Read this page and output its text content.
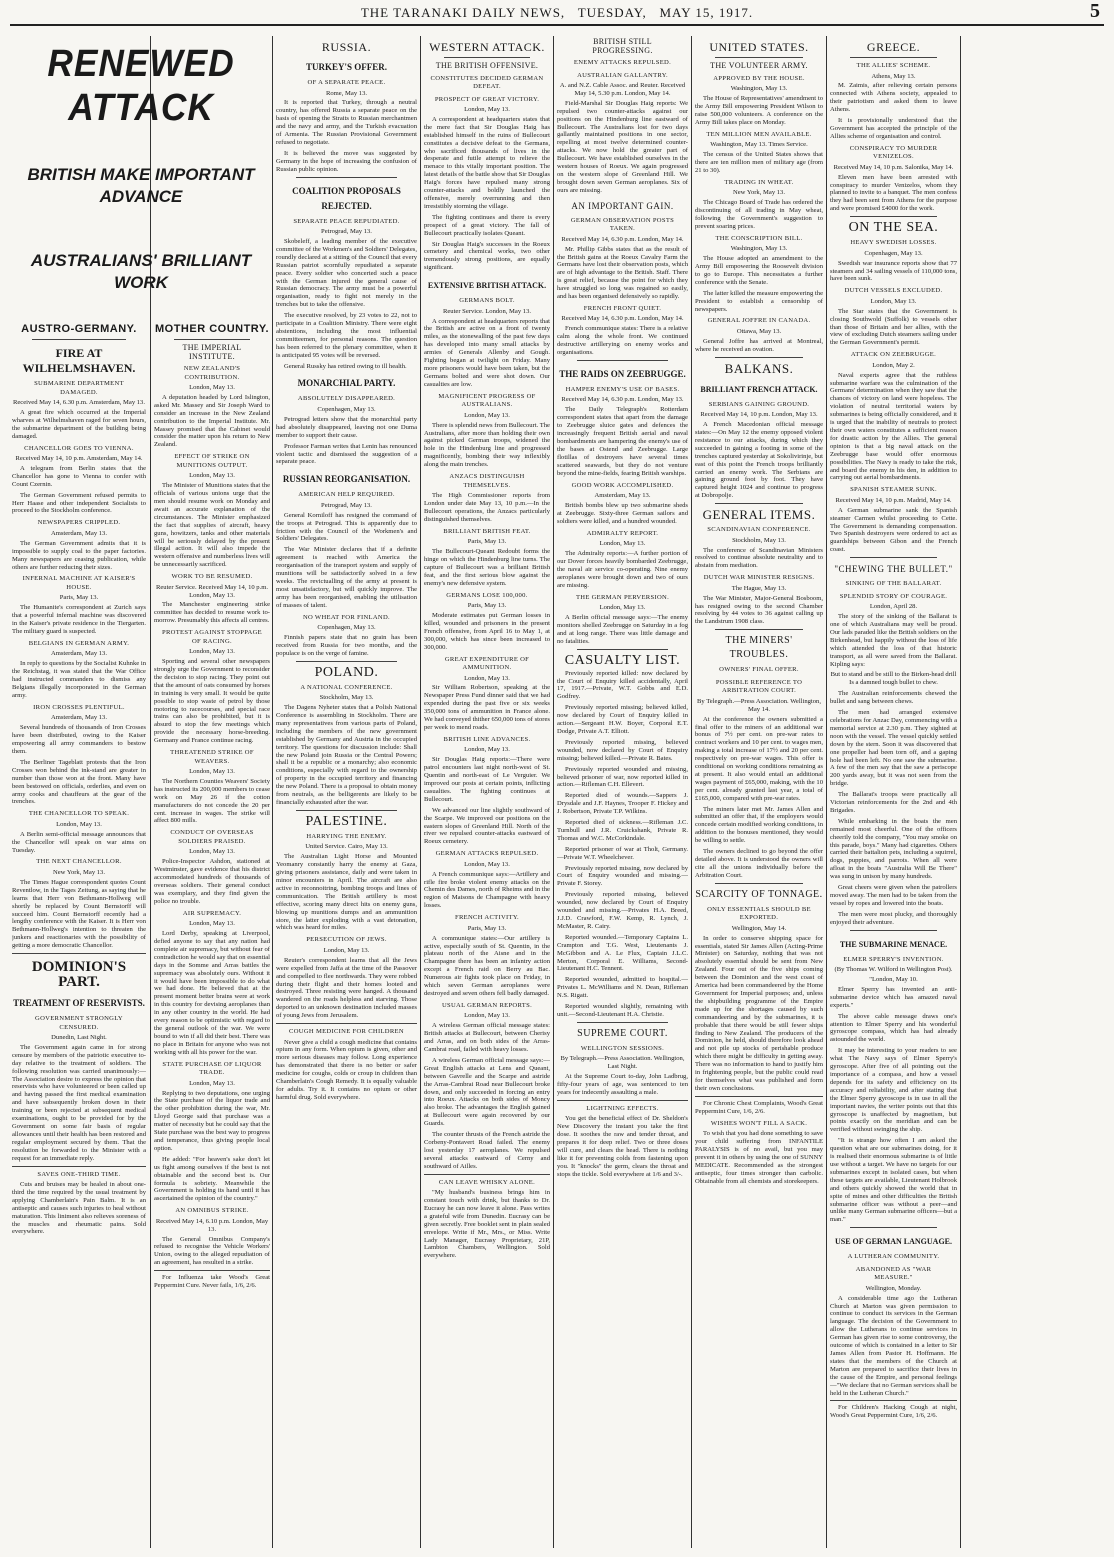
THE TARANAKI DAILY NEWS, TUESDAY, MAY 15, 1917.	5
RENEWED ATTACK
BRITISH MAKE IMPORTANT ADVANCE
AUSTRALIANS' BRILLIANT WORK
AUSTRO-GERMANY.
FIRE AT WILHELMSHAVEN.
SUBMARINE DEPARTMENT DAMAGED.
Received May 14, 6.30 p.m. Amsterdam, May 13.

A great fire which occurred at the Imperial wharves at Wilhelmshaven raged for seven hours, the submarine department of the building being damaged.

CHANCELLOR GOES TO VIENNA.
Received May 14, 10 p.m. Amsterdam, May 14.

A telegram from Berlin states that the Chancellor has gone to Vienna to confer with Count Czernin.

The German Government refused permits to Herr Haase and other independent Socialists to proceed to the Stockholm conference.

NEWSPAPERS CRIPPLED.
Amsterdam, May 13.

The German Government admits that it is impossible to supply coal to the paper factories. Many newspapers are ceasing publication, while others are further reducing their sizes.

INFERNAL MACHINE AT KAISER'S HOUSE.
Paris, May 13.

The Humanite's correspondent at Zurich says that a powerful infernal machine was discovered in the Kaiser's private residence in the Tiergarten. The military guard is suspected.

BELGIANS IN GERMAN ARMY.
Amsterdam, May 13.

In reply to questions by the Socialist Kuhnke in the Reichstag, it was stated that the War Office had instructed commanders to dismiss any Belgians illegally incorporated in the German army.

IRON CROSSES PLENTIFUL.
Amsterdam, May 13.

Several hundreds of thousands of Iron Crosses have been distributed, owing to the Kaiser empowering all army commanders to bestow them.

The Berliner Tageblatt protests that the Iron Crosses won behind the ink-stand are greater in number than those won at the front. Many have been bestowed on officials, orderlies, and even on army cooks and chauffeurs at the gear of the trenches.

THE CHANCELLOR TO SPEAK.
London, May 13.

A Berlin semi-official message announces that the Chancellor will speak on war aims on Tuesday.

THE NEXT CHANCELLOR.
New York, May 13.

The Times Hague correspondent quotes Count Reventlow, in the Tages Zeitung, as saying that he learns that Herr von Bethmann-Hollweg will shortly be replaced by Count Bernstorff will succeed him. Count Bernstorff recently had a lengthy conference with the Kaiser. It is Herr von Bethmann-Hollweg's intention to threaten the junkers and reactionaries with the possibility of getting a more democratic Chancellor.

DOMINION'S PART.
TREATMENT OF RESERVISTS.
GOVERNMENT STRONGLY CENSURED.
Dunedin, Last Night.

The Government again came in for strong censure by members of the patriotic executive to-day relative to the treatment of soldiers. The following resolution was carried unanimously:—The Association desire to express the opinion that reservists who have volunteered or been called up and having passed the first medical examination and have subsequently broken down in their training or been rejected at subsequent medical examinations, ought to be provided for by the Government on some fair basis of regular allowances until their health has been restored and regular employment secured by them. That the resolution be forwarded to the Minister with a request for an immediate reply.

SAVES ONE-THIRD TIME.

Cuts and bruises may be healed in about one-third the time required by the usual treatment by applying Chamberlain's Pain Balm. It is an antiseptic and causes such injuries to heal without maturation. This liniment also relieves soreness of the muscles and rheumatic pains. Sold everywhere.

MOTHER COUNTRY.
THE IMPERIAL INSTITUTE.
NEW ZEALAND'S CONTRIBUTION.
London, May 13.

A deputation headed by Lord Islington, asked Mr. Massey and Sir Joseph Ward to consider an increase in the New Zealand contribution to the Imperial Institute. Mr. Massey promised that the Cabinet would consider the matter upon his return to New Zealand.

EFFECT OF STRIKE ON MUNITIONS OUTPUT.
London, May 13.

The Minister of Munitions states that the officials of various unions urge that the men should resume work on Monday and await an accurate explanation of the circumstances. The Minister emphasized the fact that supplies of aircraft, heavy guns, howitzers, tanks and other materials will be seriously delayed by the present illegal action. It will also impede the western offensive and numberless lives will be unnecessarily sacrificed.

WORK TO BE RESUMED.
Reuter Service. Received May 14, 10 p.m. London, May 13.

The Manchester engineering strike committee has decided to resume work to-morrow. Presumably this affects all centres.

PROTEST AGAINST STOPPAGE OF RACING.
London, May 13.

Sporting and several other newspapers strongly urge the Government to reconsider the decision to stop racing. They point out that the amount of oats consumed by horses in training is very small. It would be quite possible to stop waste of petrol by those motoring to racecourses, and special race trains can also be prohibited, but it is absurd to stop the few meetings which provide the necessary horse-breeding. Germany and France continue racing.

THREATENED STRIKE OF WEAVERS.
London, May 13.

The Northern Counties Weavers' Society has instructed its 200,000 members to cease work on May 26 if the cotton manufacturers do not concede the 20 per cent. increase in wages. The strike will affect 800 mills.

CONDUCT OF OVERSEAS SOLDIERS PRAISED.
London, May 13.

Police-Inspector Ashdon, stationed at Westminster, gave evidence that his district accommodated hundreds of thousands of overseas soldiers. Their general conduct was exemplary, and they find given the police no trouble.

AIR SUPREMACY.
London, May 13.

Lord Derby, speaking at Liverpool, defied anyone to say that any nation had complete air supremacy, but without fear of contradiction he would say that on essential days in the Somme and Arras battles the supremacy was absolutely ours. Without it it would have been impossible to do what we had done. He believed that at the present moment better brains were at work in this country for devising aeroplanes than in any other country in the world. He had every reason to be optimistic with regard to the general outlook of the war. We were bound to win if all did their best. There was no place in Britain for anyone who was not working with all his power for the war.

STATE PURCHASE OF LIQUOR TRADE.
London, May 13.

Replying to two deputations, one urging the State purchase of the liquor trade and the other prohibition during the war, Mr. Lloyd George said that purchase was a matter of necessity but he could say that the State purchase was the best way to progress and temperance, thus giving people local option.

He added: "For heaven's sake don't let us fight among ourselves if the best is not obtainable and the second best is. Our formula is sobriety. Meanwhile the Government is holding its hand until it has ascertained the opinion of the country."

AN OMNIBUS STRIKE.
Received May 14, 6.10 p.m. London, May 13.

The General Omnibus Company's refused to recognise the Vehicle Workers' Union, owing to the alleged repudiation of an agreement, has resulted in a strike.

For Influenza take Wood's Great Peppermint Cure. Never fails, 1/6, 2/6.

RUSSIA.
TURKEY'S OFFER.
OF A SEPARATE PEACE.
Rome, May 13.

It is reported that Turkey, through a neutral country, has offered Russia a separate peace on the basis of opening the Straits to Russian merchantmen and the navy and army, and the Turkish evacuation of Armenia. The Russian Provisional Government refused to negotiate.

It is believed the move was suggested by Germany in the hope of increasing the confusion of Russian public opinion.

COALITION PROPOSALS REJECTED.
SEPARATE PEACE REPUDIATED.
Petrograd, May 13.

Skobeleff, a leading member of the executive committee of the Workmen's and Soldiers' Delegates, roundly declared at a sitting of the Council that every Russian patriot scornfully repudiated a separate peace. Every soldier who concerted such a peace with the German injured the general cause of Russian democracy. The army must be a powerful organisation, ready to fight not merely in the trenches but to take the offensive.

The executive resolved, by 23 votes to 22, not to participate in a Coalition Ministry. There were eight abstentions, including the most influential committeemen, for personal reasons. The question has been referred to the plenary committee, when it is anticipated 95 votes will be reversed.

General Russky has retired owing to ill health.

MONARCHIAL PARTY.
ABSOLUTELY DISAPPEARED.
Copenhagen, May 13.

Petrograd letters show that the monarchial party had absolutely disappeared, leaving not one Duma member to support their cause.

Professor Farman writes that Lenin has renounced violent tactic and dismissed the suggestion of a separate peace.

RUSSIAN REORGANISATION.
AMERICAN HELP REQUIRED.
Petrograd, May 13.

General Korniloff has resigned the command of the troops at Petrograd. This is apparently due to friction with the Council of the Workmen's and Soldiers' Delegates.

The War Minister declares that if a definite agreement is reached with America the reorganisation of the transport system and supply of munitions will be satisfactorily solved in a few weeks. The revictualling of the army at present is most unsatisfactory, but will quickly improve. The army has been reorganised, enabling the utilisation of masses of talent.

NO WHEAT FOR FINLAND.
Copenhagen, May 13.

Finnish papers state that no grain has been received from Russia for two months, and the populace is on the verge of famine.

POLAND.
A NATIONAL CONFERENCE.
Stockholm, May 13.

The Dagens Nyheter states that a Polish National Conference is assembling in Stockholm. There are many representatives from various parts of Poland, including the members of the new government established by Germany and Austria in the occupied territory. The questions for discussion include: Shall the new Poland join Russia or the Central Powers; shall it be a republic or a monarchy; also economic conditions, especially with regard to the ownership of property in the occupied territory and financing the new Poland. There is a proposal to obtain money from neutrals, as the belligerents are likely to be financially exhausted after the war.

PALESTINE.
HARRYING THE ENEMY.
United Service. Cairo, May 13.

The Australian Light Horse and Mounted Yeomanry constantly harry the enemy at Gaza, giving prisoners assistance, daily and were taken in minor encounters in April. The aircraft are also active in reconnoitring, bombing troops and lines of communication. The British artillery is most effective, scoring many direct hits on enemy guns, blowing up munitions dumps and an ammunition store, the latter exploding with a vast detonation, which was heard for miles.

PERSECUTION OF JEWS.
London, May 13.

Reuter's correspondent learns that all the Jews were expelled from Jaffa at the time of the Passover and compelled to flee northwards. They were robbed during their flight and their homes looted and destroyed. Three resisting were hanged. A thousand wandered on the roads helpless and starving. Those deported to an unknown destination included masses of young Jews from Jerusalem.

COUGH MEDICINE FOR CHILDREN

Never give a child a cough medicine that contains opium in any form. When opium is given, other and more serious diseases may follow. Long experience has demonstrated that there is no better or safer medicine for coughs, colds or croup in children than Chamberlain's Cough Remedy. It is equally valuable for adults. Try it. It contains no opium or other harmful drug. Sold everywhere.

WESTERN ATTACK.
THE BRITISH OFFENSIVE.
CONSTITUTES DECIDED GERMAN DEFEAT.
PROSPECT OF GREAT VICTORY.
London, May 13.

A correspondent at headquarters states that the mere fact that Sir Douglas Haig has established himself in the ruins of Bullecourt constitutes a decisive defeat to the Germans, who sacrificed thousands of lives in the desperate and futile attempt to relieve the menace to this vitally important position. The latest details of the battle show that Sir Douglas Haig's forces have repulsed many strong counter-attacks and boldly launched the offensive, merely overrunning and then irresistibly storming the village.

The fighting continues and there is every prospect of a great victory. The fall of Bullecourt practically isolates Queant.

Sir Douglas Haig's successes in the Roeux cemetery and chemical works, two other tremendously strong positions, are equally significant.

EXTENSIVE BRITISH ATTACK.
GERMANS BOLT.
Reuter Service. London, May 13.

A correspondent at headquarters reports that the British are active on a front of twenty miles, as the stonewalling of the past few days has developed into many small attacks by armies of Generals Allenby and Gough. Fighting began at twilight on Friday. Many more prisoners would have been taken, but the Germans bolted and were shot down. Our casualties are low.

MAGNIFICENT PROGRESS OF AUSTRALIANS.
London, May 13.

There is splendid news from Bullecourt. The Australians, after more than holding their own against picked German troops, widened the hole in the Hindenburg line and progressed magnificently, bombing their way inflexibly along the main trenches.

ANZACS DISTINGUISH THEMSELVES.

The High Commissioner reports from London under date May 13, 10 p.m.—In the Bullecourt operations, the Anzacs particularly distinguished themselves.

BRILLIANT BRITISH FEAT.
Paris, May 13.

The Bullecourt-Queant Redoubt forms the hinge on which the Hindenburg line turns. The capture of Bullecourt was a brilliant British feat, and the first serious blow against the enemy's new defensive system.

GERMANS LOSE 100,000.
Paris, May 13.

Moderate estimates put German losses in killed, wounded and prisoners in the present French offensive, from April 16 to May 1, at 300,000, which has since been increased to 300,000.

GREAT EXPENDITURE OF AMMUNITION.
London, May 13.

Sir William Robertson, speaking at the Newspaper Press Fund dinner said that we had expended during the past five or six weeks 350,000 tons of ammunition in France alone. We had conveyed thither 650,000 tons of stores per week to mend roads.

BRITISH LINE ADVANCES.
London, May 13.

Sir Douglas Haig reports:—There were patrol encounters last night north-west of St. Quentin and north-east of Le Verguier. We improved our posts at certain points, inflicting casualties. The fighting continues at Bullecourt.

We advanced our line slightly southward of the Scarpe. We improved our positions on the eastern slopes of Greenland Hill. North of the river we repulsed counter-attacks eastward of Roeux cemetery.

GERMAN ATTACKS REPULSED.
London, May 13.

A French communique says:—Artillery and rifle fire broke violent enemy attacks on the Chemin des Dames, north of Rheims and in the region of Maisons de Champagne with heavy losses.

FRENCH ACTIVITY.
Paris, May 13.

A communique states:—Our artillery is active, especially south of St. Quentin, in the plateau north of the Aisne and in the Champagne there has been an infantry action except a French raid on Berry au Bac. Numerous air fights took place on Friday, in which seven German aeroplanes were destroyed and seven others fell badly damaged.

USUAL GERMAN REPORTS.
London, May 13.

A wireless German official message states: British attacks at Bullecourt, between Cherisy and Arras, and on both sides of the Arras-Cambrai road, failed with heavy losses.

A wireless German official message says:—Great English attacks at Lens and Queant, between Gavrelle and the Scarpe and astride the Arras-Cambrai Road near Bullecourt broke down, and only succeeded in forcing an entry into Roeux. Attacks on both sides of Moncy also broke. The advantages the English gained at Bullecourt were again recovered by our Guards.

The counter thrusts of the French astride the Corbeny-Pontavert Road failed. The enemy lost yesterday 17 aeroplanes. We repulsed several attacks eastward of Cerny and southward of Ailles.

CAN LEAVE WHISKY ALONE.

"My husband's business brings him in constant touch with drink, but thanks to Dr. Eucrasy he can now leave it alone. Pass writes a grateful wife from Dunedin. Eucrasy can be given secretly. Free booklet sent in plain sealed envelope. Write if Mr., Mrs., or Miss. Write Lady Manager, Eucrasy Proprietary, 21P, Lambton Chambers, Wellington. Sold everywhere.

BRITISH STILL PROGRESSING.
ENEMY ATTACKS REPULSED.
AUSTRALIAN GALLANTRY.
A. and N.Z. Cable Assoc. and Reuter. Received May 14, 5.30 p.m. London, May 14.

Field-Marshal Sir Douglas Haig reports: We repulsed two counter-attacks against our positions on the Hindenburg line eastward of Bullecourt. The Australians lost for two days gallantly maintained positions in one sector, repelling at most twelve determined counter-attacks. We now hold the greater part of Bullecourt. We have established ourselves in the western houses of Roeux. We again progressed on the western slope of Greenland Hill. We brought down seven German aeroplanes. Six of ours are missing.

AN IMPORTANT GAIN.
GERMAN OBSERVATION POSTS TAKEN.
Received May 14, 6.30 p.m. London, May 14.

Mr. Phillip Gibbs states that as the result of the British gains at the Roeux Cavalry Farm the Germans have lost their observation posts, which are of high advantage to the British. Staff. There is great relief, because the point for which they have struggled so long was regained so easily, and has been organised defensively so rapidly.

FRENCH FRONT QUIET.
Received May 14, 6.30 p.m. London, May 14.

French communique states: There is a relative calm along the whole front. We continued destructive artillerying on enemy works and organisations.

THE RAIDS ON ZEEBRUGGE.
HAMPER ENEMY'S USE OF BASES.
Received May 14, 6.30 p.m. London, May 13.

The Daily Telegraph's Rotterdam correspondent states that apart from the damage to Zeebrugge sluice gates and defences the increasingly frequent British aerial and naval bombardments are hampering the enemy's use of the bases at Ostend and Zeebrugge. Large flotillas of destroyers have several times scattered seawards, but they do not venture beyond the mine-fields, fearing British warships.

GOOD WORK ACCOMPLISHED.
Amsterdam, May 13.

British bombs blew up two submarine sheds at Zeebrugge. Sixty-three German sailors and soldiers were killed, and a hundred wounded.

ADMIRALTY REPORT.
London, May 13.

The Admiralty reports:—A further portion of our Dover forces heavily bombarded Zeebrugge, the naval air service co-operating. Nine enemy aeroplanes were brought down and two of ours are missing.

THE GERMAN PERVERSION.
London, May 13.

A Berlin official message says:—The enemy monitors shelled Zeebrugge on Saturday in a fog and at long range. There was little damage and no fatalities.

CASUALTY LIST.

Previously reported killed: now declared by the Court of Enquiry killed accidentally, April 17, 1917.—Private, W.T. Gobbs and E.D. Godfrey.

Previously reported missing; believed killed, now declared by Court of Enquiry killed in action.—Sergeant H.W. Boyer, Corporal E.T. Dodge, Private A.T. Elliott.

Previously reported missing, believed wounded, now declared by Court of Enquiry missing; believed killed.—Private R. Bates.

Previously reported wounded and missing, believed prisoner of war, now reported killed in action.—Rifleman C.H. Ellevert.

Reported died of wounds.—Sappers J. Drysdale and J.F. Haynes, Trooper F. Hickey and J. Robertson, Private T.P. Wilkins.

Reported died of sickness.—Rifleman J.C. Turnbull and J.R. Cruickshank, Private R. Thomas and W.C. McCorkindale.

Reported prisoner of war at Tholt, Germany.—Private W.T. Wheelchever.

Previously reported missing, now declared by Court of Enquiry wounded and missing.—Private F. Storey.

Previously reported missing, believed wounded, now declared by Court of Enquiry wounded and missing.—Privates H.A. Breed, J.J.D. Crawford, F.W. Kemp, R. Lynch, J. McMaster, R. Cairy.

Reported wounded.—Temporary Captains L. Crampton and T.G. West, Lieutenants J. McGibbon and A. Le Flux, Captain J.L.C. Merton, Corporal E. Williams, Second-Lieutenant H.C. Tennent.

Reported wounded, admitted to hospital.—Privates L. McWilliams and N. Dean, Rifleman N.S. Rigatt.

Reported wounded slightly, remaining with unit.—Second-Lieutenant H.A. Christie.

SUPREME COURT.
WELLINGTON SESSIONS.
By Telegraph.—Press Association. Wellington, Last Night.

At the Supreme Court to-day, John Ladbrug, fifty-four years of age, was sentenced to ten years for indecently assaulting a male.

LIGHTNING EFFECTS.

You get the beneficial effect of Dr. Sheldon's New Discovery the instant you take the first dose. It soothes the raw and tender throat, and prepares it for deep relief. Two or three doses will cure, and clears the head. There is nothing like it for preventing colds from fastening upon you. It "knocks" the germ, clears the throat and stops the tickle. Sold everywhere at 1/6 and 3/-.

UNITED STATES.
THE VOLUNTEER ARMY.
APPROVED BY THE HOUSE.
Washington, May 13.

The House of Representatives' amendment to the Army Bill empowering President Wilson to raise 500,000 volunteers. A conference on the Army Bill takes place on Monday.

TEN MILLION MEN AVAILABLE.
Washington, May 13. Times Service.

The census of the United States shows that there are ten million men of military age (from 21 to 30).

TRADING IN WHEAT.
New York, May 13.

The Chicago Board of Trade has ordered the discontinuing of all trading in May wheat, following the Government's suggestion to prevent soaring prices.

THE CONSCRIPTION BILL.
Washington, May 13.

The House adopted an amendment to the Army Bill empowering the Roosevelt division to go to Europe. This necessitates a further conference with the Senate.

The latter killed the measure empowering the President to establish a censorship of newspapers.

GENERAL JOFFRE IN CANADA.
Ottawa, May 13.

General Joffre has arrived at Montreal, where he received an ovation.

BALKANS.
BRILLIANT FRENCH ATTACK.
SERBIANS GAINING GROUND.
Received May 14, 10 p.m. London, May 13.

A French Macedonian official message states:—On May 12 the enemy opposed violent resistance to our attacks, during which they succeeded in gaining a footing in some of the trenches captured yesterday at Sokolivirinje, but east of this point the French troops brilliantly carried an enemy work. The Serbians are gaining ground foot by foot. They have captured height 1024 and continue to progress at Dobropolje.

GENERAL ITEMS.
SCANDINAVIAN CONFERENCE.
Stockholm, May 13.

The conference of Scandinavian Ministers resolved to continue absolute neutrality and to abstain from mediation.

DUTCH WAR MINISTER RESIGNS.
The Hague, May 13.

The War Minister, Major-General Bosboom, has resigned owing to the second Chamber resolving by 44 votes to 36 against calling up the Landstrum 1908 class.

THE MINERS' TROUBLES.
OWNERS' FINAL OFFER.
POSSIBLE REFERENCE TO ARBITRATION COURT.
By Telegraph.—Press Association. Wellington, May 14.

At the conference the owners submitted a final offer to the miners of an additional war bonus of 7½ per cent. on pre-war rates to contract workers and 10 per cent. to wages men, making a total increase of 17½ and 20 per cent. respectively on pre-war wages. This offer is conditional on working conditions remaining as at present. It also would entail an additional wages payment of £65,000, making, with the 10 per cent. already granted last year, a total of £165,000, compared with pre-war rates.

The miners later met Mr. James Allen and submitted an offer that, if the employers would concede certain modified working conditions, in addition to the bonuses mentioned, they would be willing to settle.

The owners declined to go beyond the offer detailed above. It is understood the owners will cite all the unions individually before the Arbitration Court.

SCARCITY OF TONNAGE.
ONLY ESSENTIALS SHOULD BE EXPORTED.
Wellington, May 14.

In order to conserve shipping space for essentials, stated Sir James Allen (Acting-Prime Minister) on Saturday, nothing that was not absolutely essential should be sent from New Zealand. Four out of the five ships coming between the Dominion and the west coast of America had been commandeered by the Home Government for Imperial purposes; and, unless the shipbuilding programme of the Empire made up for the shortages caused by such commandeering and by the submarines, it is probable that there would be still fewer ships finding to New Zealand. The producers of the Dominion, he held, should therefore look ahead and not pile up stocks of perishable produce which there might be difficulty in getting away. There was no information to hand to justify him in frightening people, but the public could read for themselves what was published and form their own conclusions.

For Chronic Chest Complaints, Wood's Great Peppermint Cure, 1/6, 2/6.

WISHES WON'T FILL A SACK.

To wish that you had done something to save your child suffering from INFANTILE PARALYSIS is of no avail, but you may prevent it in others by using the one of SUNNY MEDICATE. Recommended as the strongest antiseptic, four times stronger than carbolic. Obtainable from all chemists and storekeepers.

GREECE.
THE ALLIES' SCHEME.
Athens, May 13.

M. Zaimis, after relieving certain persons connected with Athens society, appealed to their patriotism and asked them to leave Athens.

It is provisionally understood that the Government has accepted the principle of the Allies scheme of organisation and control.

CONSPIRACY TO MURDER VENIZELOS.
Received May 14, 10 p.m. Salonika, May 14.

Eleven men have been arrested with conspiracy to murder Venizelos, whom they planned to invite to a banquet. The men confess they had been sent from Athens for the purpose and were promised £4000 for the work.

ON THE SEA.
HEAVY SWEDISH LOSSES.
Copenhagen, May 13.

Swedish war insurance reports show that 77 steamers and 34 sailing vessels of 110,000 tons, have been sunk.

DUTCH VESSELS EXCLUDED.
London, May 13.

The Star states that the Government is closing Southwold (Suffolk) to vessels other than those of Britain and her allies, with the view of excluding Dutch steamers sailing under the German Government's permit.

ATTACK ON ZEEBRUGGE.
London, May 2.

Naval experts agree that the ruthless submarine warfare was the culmination of the Germans' determination when they saw that the chances of victory on land were hopeless. The violation of neutral territorial waters by submarines is being officially considered, and it is urged that the inability of neutrals to protect their own waters constitutes a sufficient reason for drastic action by the Allies. The general opinion is that a big naval attack on the Zeebrugge base would offer enormous possibilities. The Navy is ready to take the risk, and board the enemy in his den, in addition to carrying out aerial bombardments.

SPANISH STEAMER SUNK.
Received May 14, 10 p.m. Madrid, May 14.

A German submarine sank the Spanish steamer Carmen whilst proceeding to Cette. The Government is demanding compensation. Two Spanish destroyers were ordered to act as guardships between Gibon and the French coast.

"CHEWING THE BULLET."
SINKING OF THE BALLARAT.
SPLENDID STORY OF COURAGE.
London, April 28.

The story of the sinking of the Ballarat is one of which Australians may well be proud. Our lads paraded like the British soldiers on the Birkenhead, but happily without the loss of life which attended the loss of that historic transport, as all were saved from the Ballarat. Kipling says:

But to stand and be still to the Birken-head drill Is a damned tough bullet to chew.

The Australian reinforcements chewed the bullet and sang between chews.

The men had arranged extensive celebrations for Anzac Day, commencing with a memorial service at 2.30 p.m. They sighted at noon with the vessel. The vessel quickly settled down by the stern. Soon it was discovered that one propeller had been torn off, and a gaping hole had been left. No one saw the submarine. A few of the men say that the saw a periscope 200 yards away, but it was not seen from the bridge.

The Ballarat's troops were practically all Victorian reinforcements for the 2nd and 4th Brigades.

While embarking in the boats the men remained most cheerful. One of the officers cheerily told the company, "You may smoke on this parade, boys." Many had cigarettes. Others carried their battalion pets, including a squirrel, dogs, puppies, and parrots. When all were afloat in the boats "Australia Will Be There" was sung in unison by many hundreds.

Great cheers were given when the patrollers moved away. The men had to be taken from the vessel by ropes and lowered into the boats.

The men were most plucky, and thoroughly enjoyed their adventure.

THE SUBMARINE MENACE.
ELMER SPERRY'S INVENTION.
(By Thomas W. Wilford in Wellington Post).
"London, May 10.

Elmer Sperry has invented an anti-submarine device which has amazed naval experts."

The above cable message draws one's attention to Elmer Sperry and his wonderful gyroscope compass, which has had already astounded the world.

It may be interesting to your readers to see what The Navy says of Elmer Sperry's gyroscope. After five of all pointing out the importance of a compass, and how a vessel depends for its safety and efficiency on its accuracy and reliability, and after stating that the Elmer Sperry gyroscope is in use in all the important navies, the writer points out that this gyroscope is unaffected by magnetism, but points exactly on the meridian and can be verified without swinging the ship.

"It is strange how often I am asked the question what are our submarines doing, for it is realised their enormous submarine is of little use without a target. We have no targets for our submarines except in isolated cases, but when these targets are available, Lieutenant Holbrook and others quickly showed the world that in spite of mines and other difficulties the British submarine officer was without a peer—and unlike many German submarine officers—but a man."

USE OF GERMAN LANGUAGE.
A LUTHERAN COMMUNITY.
ABANDONED AS "WAR MEASURE."
Wellington, Monday.

A considerable time ago the Lutheran Church at Marton was given permission to continue to conduct its services in the German language. The decision of the Government to allow the Lutherans to continue services in German has given rise to some controversy, the outcome of which is contained in a letter to Sir James Allen from Pastor H. Hoffmann. He states that the members of the Church at Marton are prepared to sacrifice their lives in the cause of the Empire, and personal feelings—"We declare that no German services shall be held in the Lutheran Church."

For Children's Hacking Cough at night, Wood's Great Peppermint Cure, 1/6, 2/6.
